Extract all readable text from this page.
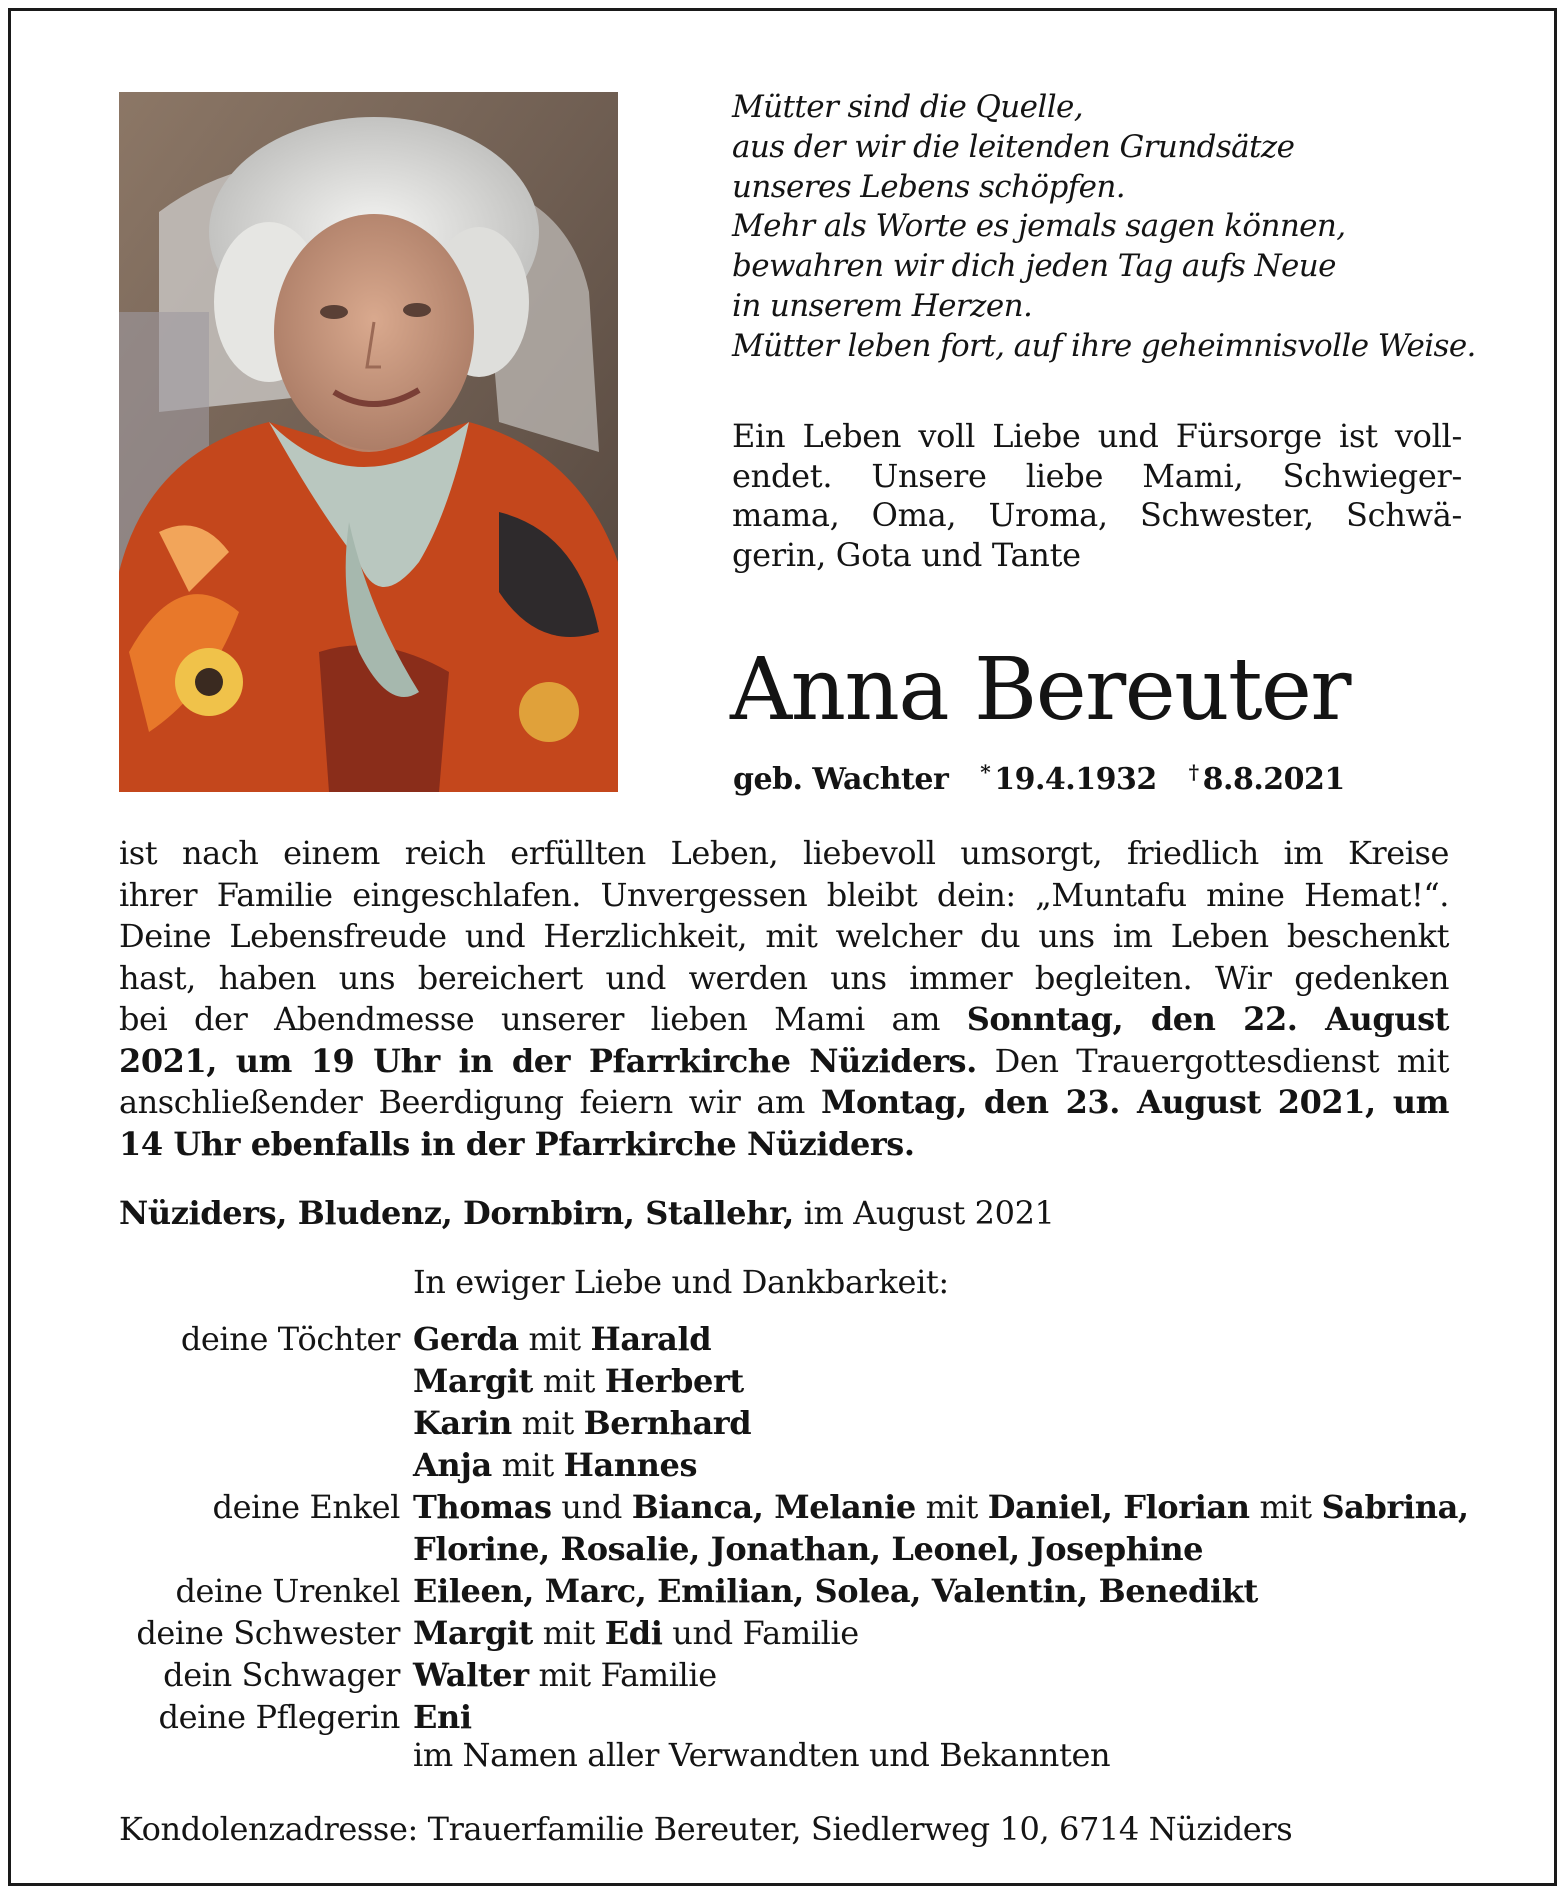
Mütter sind die Quelle,
aus der wir die leitenden Grundsätze
unseres Lebens schöpfen.
Mehr als Worte es jemals sagen können,
bewahren wir dich jeden Tag aufs Neue
in unserem Herzen.
Mütter leben fort, auf ihre geheimnisvolle Weise.
Ein Leben voll Liebe und Fürsorge ist voll-
endet. Unsere liebe Mami, Schwieger-
mama, Oma, Uroma, Schwester, Schwä-
gerin, Gota und Tante
Anna Bereuter
geb. Wachter * 19.4.1932 † 8.8.2021
ist nach einem reich erfüllten Leben, liebevoll umsorgt, friedlich im Kreise
ihrer Familie eingeschlafen. Unvergessen bleibt dein: „Muntafu mine Hemat!“.
Deine Lebensfreude und Herzlichkeit, mit welcher du uns im Leben beschenkt
hast, haben uns bereichert und werden uns immer begleiten. Wir gedenken
bei der Abendmesse unserer lieben Mami am Sonntag, den 22. August
2021, um 19 Uhr in der Pfarrkirche Nüziders. Den Trauergottesdienst mit
anschließender Beerdigung feiern wir am Montag, den 23. August 2021, um
14 Uhr ebenfalls in der Pfarrkirche Nüziders.
Nüziders, Bludenz, Dornbirn, Stallehr, im August 2021
In ewiger Liebe und Dankbarkeit:
deine Töchter Gerda mit Harald
Margit mit Herbert
Karin mit Bernhard
Anja mit Hannes
deine Enkel Thomas und Bianca, Melanie mit Daniel, Florian mit Sabrina,
Florine, Rosalie, Jonathan, Leonel, Josephine
deine Urenkel Eileen, Marc, Emilian, Solea, Valentin, Benedikt
deine Schwester Margit mit Edi und Familie
dein Schwager Walter mit Familie
deine Pflegerin Eni
im Namen aller Verwandten und Bekannten
Kondolenzadresse: Trauerfamilie Bereuter, Siedlerweg 10, 6714 Nüziders
